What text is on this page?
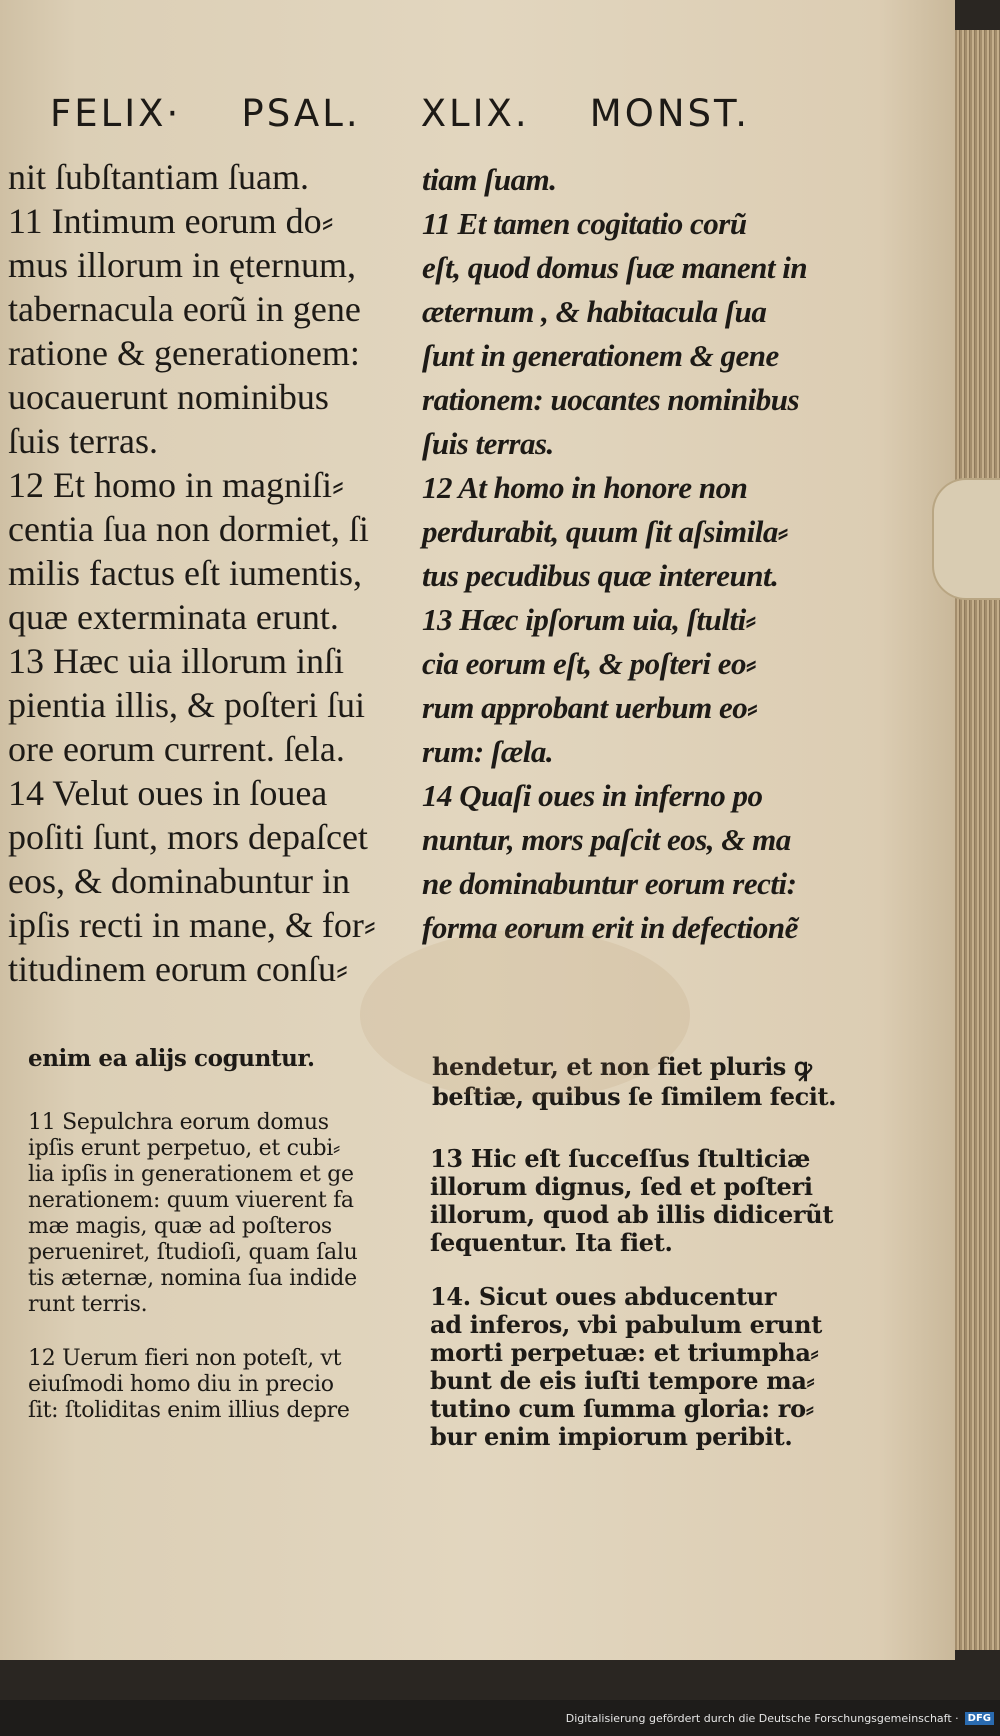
FELIX· PSAL. XLIX. MONST.
nit ſubſtantiam ſuam.
11 Intimum eorum do⸗
mus illorum in ęternum,
tabernacula eorũ in gene
ratione & generationem:
uocauerunt nominibus
ſuis terras.
12 Et homo in magniſi⸗
centia ſua non dormiet, ſi
milis factus eſt iumentis,
quæ exterminata erunt.
13 Hæc uia illorum inſi
pientia illis, & poſteri ſui
ore eorum current. ſela.
14 Velut oues in ſouea
poſiti ſunt, mors depaſcet
eos, & dominabuntur in
ipſis recti in mane, & for⸗
titudinem eorum conſu⸗
tiam ſuam.
11 Et tamen cogitatio corũ
eſt, quod domus ſuæ manent in
æternum , & habitacula ſua
ſunt in generationem & gene
rationem: uocantes nominibus
ſuis terras.
12 At homo in honore non
perdurabit, quum ſit aſsimila⸗
tus pecudibus quæ intereunt.
13 Hæc ipſorum uia, ſtulti⸗
cia eorum eſt, & poſteri eo⸗
rum approbant uerbum eo⸗
rum: ſæla.
14 Quaſi oues in inferno po
nuntur, mors paſcit eos, & ma
ne dominabuntur eorum recti:
forma eorum erit in defectionẽ
enim ea alijs coguntur.	hendetur, et non fiet pluris ꝙ
beſtiæ, quibus ſe ſimilem fecit.
11 Sepulchra eorum domus
ipſis erunt perpetuo, et cubi⸗
lia ipſis in generationem et ge
nerationem: quum viuerent fa
mæ magis, quæ ad poſteros
perueniret, ſtudioſi, quam ſalu
tis æternæ, nomina ſua indide
runt terris.
12 Uerum fieri non poteſt, vt
eiuſmodi homo diu in precio
ſit: ſtoliditas enim illius depre
13 Hic eſt ſucceſſus ſtulticiæ
illorum dignus, ſed et poſteri
illorum, quod ab illis didicerũt
ſequentur. Ita fiet.
14. Sicut oues abducentur
ad inferos, vbi pabulum erunt
morti perpetuæ: et triumpha⸗
bunt de eis iuſti tempore ma⸗
tutino cum ſumma gloria: ro⸗
bur enim impiorum peribit.
Digitalisierung gefördert durch die Deutsche Forschungsgemeinschaft · DFG
